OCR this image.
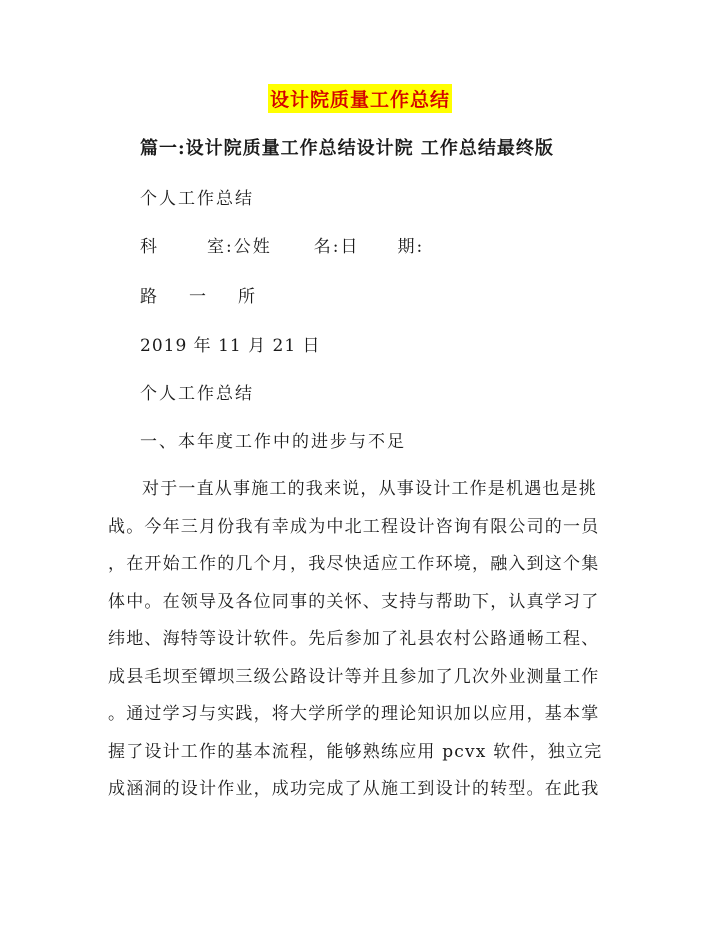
设计院质量工作总结
篇一:设计院质量工作总结设计院 工作总结最终版
个人工作总结
科	室:公姓 名:日 期:
路 一 所
2019 年 11 月 21 日
个人工作总结
一、本年度工作中的进步与不足

对于一直从事施工的我来说，从事设计工作是机遇也是挑

战。今年三月份我有幸成为中北工程设计咨询有限公司的一员

，在开始工作的几个月，我尽快适应工作环境，融入到这个集

体中。在领导及各位同事的关怀、支持与帮助下，认真学习了

纬地、海特等设计软件。先后参加了礼县农村公路通畅工程、

成县毛坝至镡坝三级公路设计等并且参加了几次外业测量工作

。通过学习与实践，将大学所学的理论知识加以应用，基本掌

握了设计工作的基本流程，能够熟练应用 pcvx 软件，独立完

成涵洞的设计作业，成功完成了从施工到设计的转型。在此我
